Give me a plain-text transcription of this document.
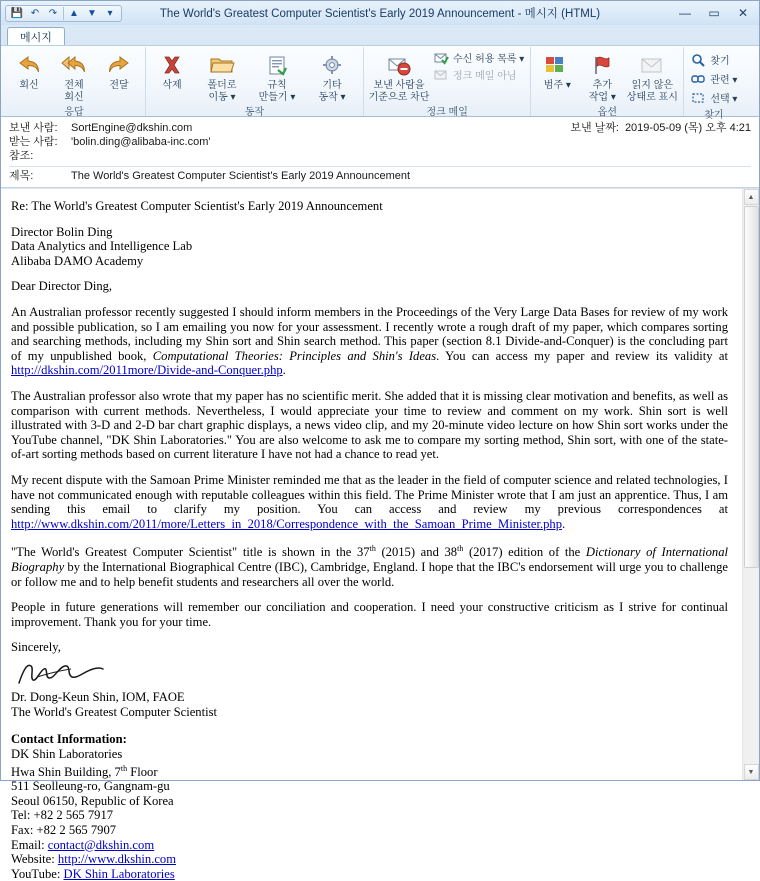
💾 ↶ ↷	▲ ▼	▾	The World's Greatest Computer Scientist's Early 2019 Announcement - 메시지 (HTML)	—	▭	✕
메시지
회신	전체
회신
전달
응답
삭제	폴더로
이동 ▾
규칙
만들기 ▾
기타
동작 ▾
동작
보낸 사람을
기준으로 차단
수신 허용 목록 ▾
정크 메일 아님
정크 메일
범주 ▾ 추가
작업 ▾
읽지 않은
상태로 표시
옵션
찾기
관련 ▾
선택 ▾
찾기
보낸 사람:	SortEngine@dkshin.com	보낸 날짜: 2019-05-09 (목) 오후 4:21
받는 사람:	'bolin.ding@alibaba-inc.com'
참조:
제목:	The World's Greatest Computer Scientist's Early 2019 Announcement

Re: The World's Greatest Computer Scientist's Early 2019 Announcement

Director Bolin Ding
Data Analytics and Intelligence Lab
Alibaba DAMO Academy

Dear Director Ding,

An Australian professor recently suggested I should inform members in the Proceedings of the Very Large Data Bases for review of my work and possible publication, so I am emailing you now for your assessment. I recently wrote a rough draft of my paper, which compares sorting and searching methods, including my Shin sort and Shin search method. This paper (section 8.1 Divide-and-Conquer) is the concluding part of my unpublished book, Computational Theories: Principles and Shin's Ideas. You can access my paper and review its validity at http://dkshin.com/2011more/Divide-and-Conquer.php.

The Australian professor also wrote that my paper has no scientific merit. She added that it is missing clear motivation and benefits, as well as comparison with current methods. Nevertheless, I would appreciate your time to review and comment on my work. Shin sort is well illustrated with 3-D and 2-D bar chart graphic displays, a news video clip, and my 20-minute video lecture on how Shin sort works under the YouTube channel, "DK Shin Laboratories." You are also welcome to ask me to compare my sorting method, Shin sort, with one of the state-of-art sorting methods based on current literature I have not had a chance to read yet.

My recent dispute with the Samoan Prime Minister reminded me that as the leader in the field of computer science and related technologies, I have not communicated enough with reputable colleagues within this field. The Prime Minister wrote that I am just an apprentice. Thus, I am sending this email to clarify my position. You can access and review my previous correspondences at http://www.dkshin.com/2011/more/Letters_in_2018/Correspondence_with_the_Samoan_Prime_Minister.php.

"The World's Greatest Computer Scientist" title is shown in the 37th (2015) and 38th (2017) edition of the Dictionary of International Biography by the International Biographical Centre (IBC), Cambridge, England. I hope that the IBC's endorsement will urge you to challenge or follow me and to help benefit students and researchers all over the world.

People in future generations will remember our conciliation and cooperation. I need your constructive criticism as I strive for continual improvement. Thank you for your time.

Sincerely,

Dr. Dong-Keun Shin, IOM, FAOE
The World's Greatest Computer Scientist

Contact Information:
DK Shin Laboratories
Hwa Shin Building, 7th Floor
511 Seolleung-ro, Gangnam-gu
Seoul 06150, Republic of Korea
Tel: +82 2 565 7917
Fax: +82 2 565 7907
Email: contact@dkshin.com
Website: http://www.dkshin.com
YouTube: DK Shin Laboratories

▲
▼
